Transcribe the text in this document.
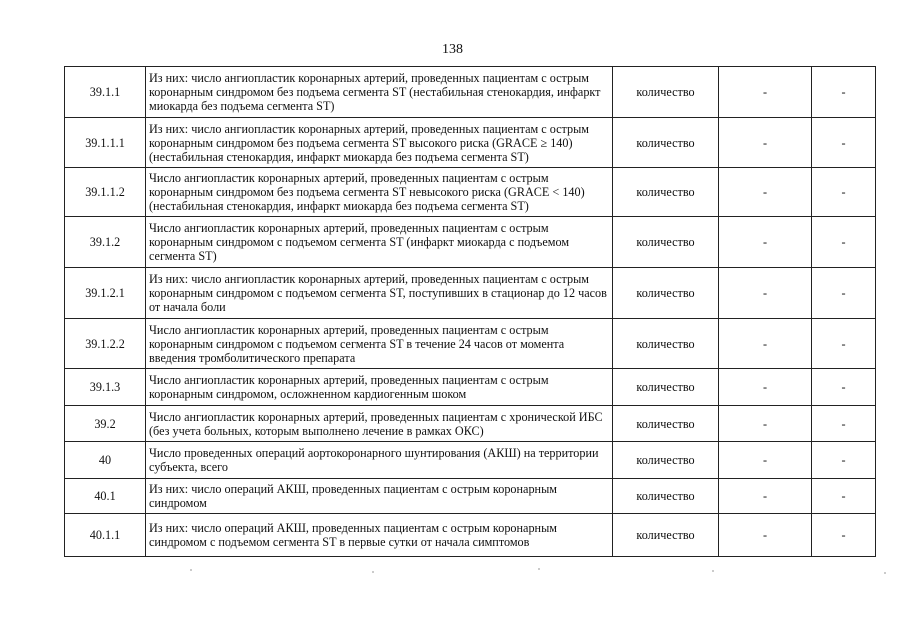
138
39.1.1	Из них: число ангиопластик коронарных артерий, проведенных пациентам с острым коронарным синдромом без подъема сегмента ST (нестабильная стенокардия, инфаркт миокарда без подъема сегмента ST)	количество	-	-
39.1.1.1	Из них: число ангиопластик коронарных артерий, проведенных пациентам с острым коронарным синдромом без подъема сегмента ST высокого риска (GRACE ≥ 140) (нестабильная стенокардия, инфаркт миокарда без подъема сегмента ST)	количество	-	-
39.1.1.2	Число ангиопластик коронарных артерий, проведенных пациентам с острым коронарным синдромом без подъема сегмента ST невысокого риска (GRACE < 140) (нестабильная стенокардия, инфаркт миокарда без подъема сегмента ST)	количество	-	-
39.1.2	Число ангиопластик коронарных артерий, проведенных пациентам с острым коронарным синдромом с подъемом сегмента ST (инфаркт миокарда с подъемом сегмента ST)	количество	-	-
39.1.2.1	Из них: число ангиопластик коронарных артерий, проведенных пациентам с острым коронарным синдромом с подъемом сегмента ST, поступивших в стационар до 12 часов от начала боли	количество	-	-
39.1.2.2	Число ангиопластик коронарных артерий, проведенных пациентам с острым коронарным синдромом с подъемом сегмента ST в течение 24 часов от момента введения тромболитического препарата	количество	-	-
39.1.3	Число ангиопластик коронарных артерий, проведенных пациентам с острым коронарным синдромом, осложненном кардиогенным шоком	количество	-	-
39.2	Число ангиопластик коронарных артерий, проведенных пациентам с хронической ИБС (без учета больных, которым выполнено лечение в рамках ОКС)	количество	-	-
40	Число проведенных операций аортокоронарного шунтирования (АКШ) на территории субъекта, всего	количество	-	-
40.1	Из них: число операций АКШ, проведенных пациентам с острым коронарным синдромом	количество	-	-
40.1.1	Из них: число операций АКШ, проведенных пациентам с острым коронарным синдромом с подъемом сегмента ST в первые сутки от начала симптомов	количество	-	-
